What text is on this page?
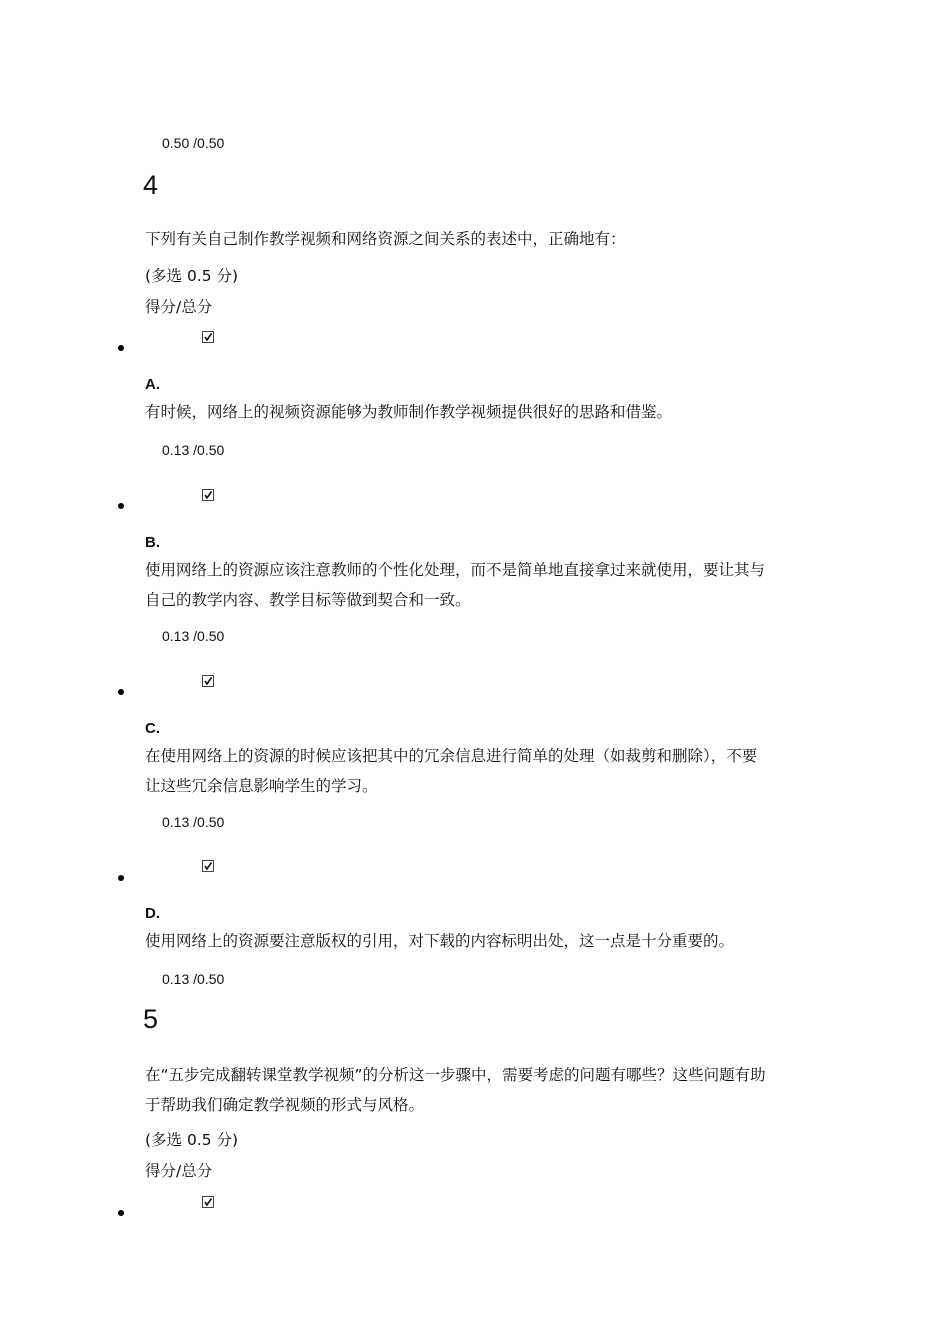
0.50 /0.50
4
下列有关自己制作教学视频和网络资源之间关系的表述中，正确地有：
(多选 0.5 分)
得分/总分
A.
有时候，网络上的视频资源能够为教师制作教学视频提供很好的思路和借鉴。
0.13 /0.50
B.
使用网络上的资源应该注意教师的个性化处理，而不是简单地直接拿过来就使用，要让其与
自己的教学内容、教学目标等做到契合和一致。
0.13 /0.50
C.
在使用网络上的资源的时候应该把其中的冗余信息进行简单的处理（如裁剪和删除），不要
让这些冗余信息影响学生的学习。
0.13 /0.50
D.
使用网络上的资源要注意版权的引用，对下载的内容标明出处，这一点是十分重要的。
0.13 /0.50
5
在“五步完成翻转课堂教学视频”的分析这一步骤中，需要考虑的问题有哪些？这些问题有助
于帮助我们确定教学视频的形式与风格。
(多选 0.5 分)
得分/总分
